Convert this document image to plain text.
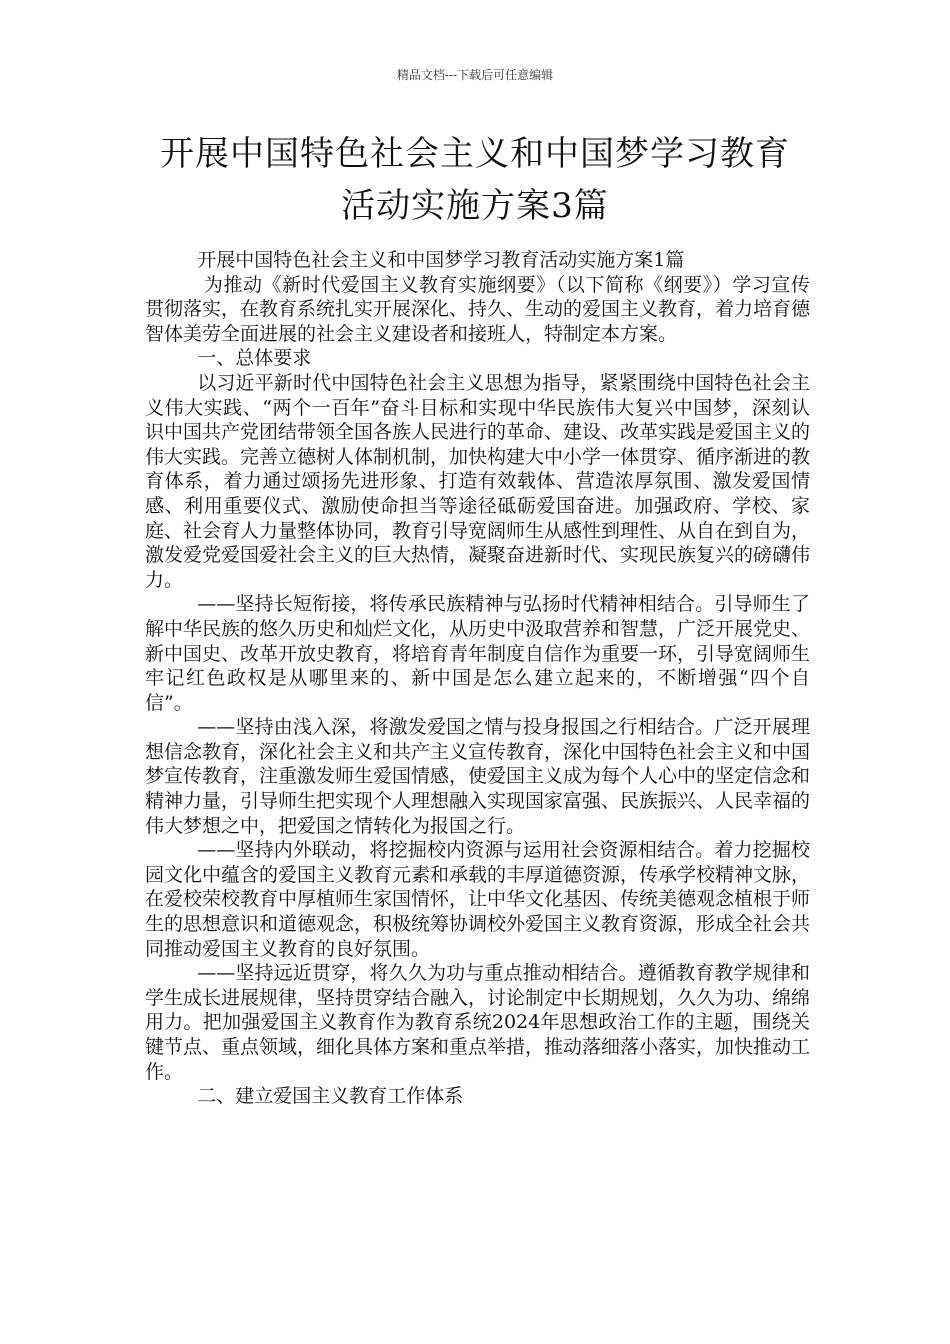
精品文档---下载后可任意编辑
开展中国特色社会主义和中国梦学习教育
活动实施方案3篇

开展中国特色社会主义和中国梦学习教育活动实施方案1篇

为推动《新时代爱国主义教育实施纲要》（以下简称《纲要》）学习宣传贯彻落实，在教育系统扎实开展深化、持久、生动的爱国主义教育，着力培育德智体美劳全面进展的社会主义建设者和接班人，特制定本方案。

一、总体要求

以习近平新时代中国特色社会主义思想为指导，紧紧围绕中国特色社会主义伟大实践、“两个一百年”奋斗目标和实现中华民族伟大复兴中国梦，深刻认识中国共产党团结带领全国各族人民进行的革命、建设、改革实践是爱国主义的伟大实践。完善立德树人体制机制，加快构建大中小学一体贯穿、循序渐进的教育体系，着力通过颂扬先进形象、打造有效载体、营造浓厚氛围、激发爱国情感、利用重要仪式、激励使命担当等途径砥砺爱国奋进。加强政府、学校、家庭、社会育人力量整体协同，教育引导宽阔师生从感性到理性、从自在到自为，激发爱党爱国爱社会主义的巨大热情，凝聚奋进新时代、实现民族复兴的磅礴伟力。

——坚持长短衔接，将传承民族精神与弘扬时代精神相结合。引导师生了解中华民族的悠久历史和灿烂文化，从历史中汲取营养和智慧，广泛开展党史、新中国史、改革开放史教育，将培育青年制度自信作为重要一环，引导宽阔师生牢记红色政权是从哪里来的、新中国是怎么建立起来的，不断增强“四个自信”。

——坚持由浅入深，将激发爱国之情与投身报国之行相结合。广泛开展理想信念教育，深化社会主义和共产主义宣传教育，深化中国特色社会主义和中国梦宣传教育，注重激发师生爱国情感，使爱国主义成为每个人心中的坚定信念和精神力量，引导师生把实现个人理想融入实现国家富强、民族振兴、人民幸福的伟大梦想之中，把爱国之情转化为报国之行。

——坚持内外联动，将挖掘校内资源与运用社会资源相结合。着力挖掘校园文化中蕴含的爱国主义教育元素和承载的丰厚道德资源，传承学校精神文脉，在爱校荣校教育中厚植师生家国情怀，让中华文化基因、传统美德观念植根于师生的思想意识和道德观念，积极统筹协调校外爱国主义教育资源，形成全社会共同推动爱国主义教育的良好氛围。

——坚持远近贯穿，将久久为功与重点推动相结合。遵循教育教学规律和学生成长进展规律，坚持贯穿结合融入，讨论制定中长期规划，久久为功、绵绵用力。把加强爱国主义教育作为教育系统2024年思想政治工作的主题，围绕关键节点、重点领域，细化具体方案和重点举措，推动落细落小落实，加快推动工作。

二、建立爱国主义教育工作体系
